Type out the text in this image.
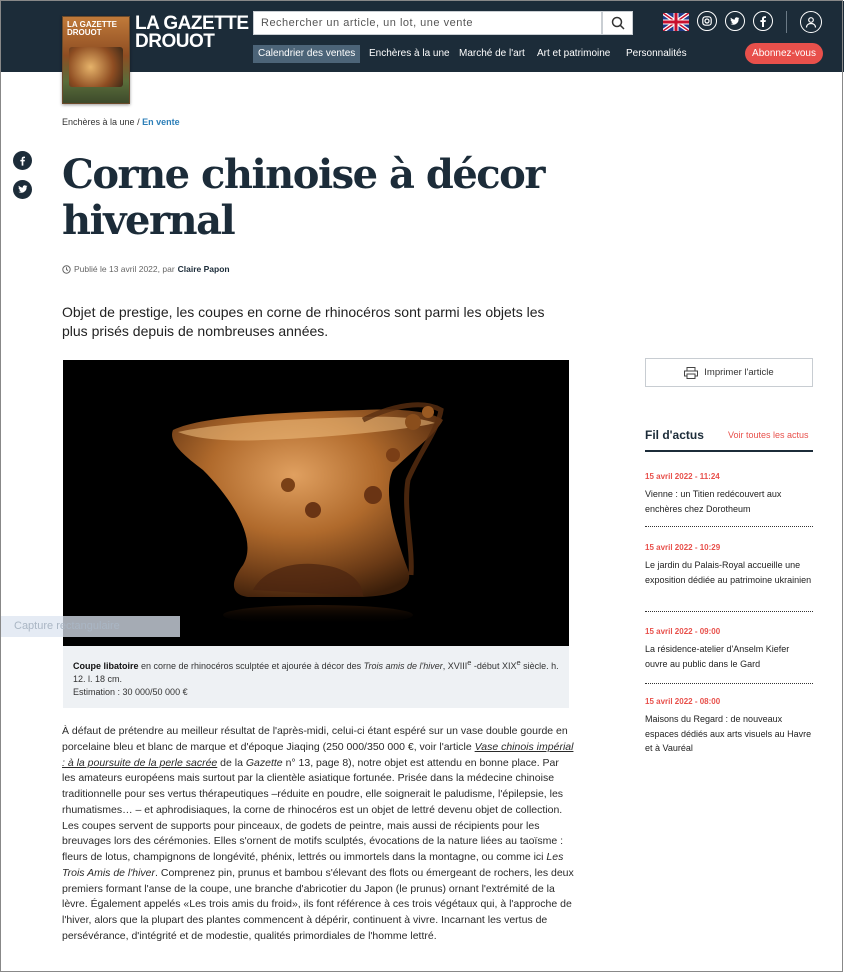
LA GAZETTE DROUOT	LA GAZETTE
DROUOT
Rechercher un article, un lot, une vente
Calendrier des ventes	Enchères à la une Marché de l'art Art et patrimoine Personnalités	Abonnez-vous
Enchères à la une / En vente
Corne chinoise à décor hivernal
Publié le 13 avril 2022, par Claire Papon
Objet de prestige, les coupes en corne de rhinocéros sont parmi les objets les plus prisés depuis de nombreuses années.
Coupe libatoire en corne de rhinocéros sculptée et ajourée à décor des Trois amis de l'hiver, XVIIIe -début XIXe siècle. h. 12. l. 18 cm.
Estimation : 30 000/50 000 €
Capture rectangulaire
À défaut de prétendre au meilleur résultat de l'après-midi, celui-ci étant espéré sur un vase double gourde en porcelaine bleu et blanc de marque et d'époque Jiaqing (250 000/350 000 €, voir l'article Vase chinois impérial : à la poursuite de la perle sacrée de la Gazette n° 13, page 8), notre objet est attendu en bonne place. Par les amateurs européens mais surtout par la clientèle asiatique fortunée. Prisée dans la médecine chinoise traditionnelle pour ses vertus thérapeutiques –réduite en poudre, elle soignerait le paludisme, l'épilepsie, les rhumatismes… – et aphrodisiaques, la corne de rhinocéros est un objet de lettré devenu objet de collection. Les coupes servent de supports pour pinceaux, de godets de peintre, mais aussi de récipients pour les breuvages lors des cérémonies. Elles s'ornent de motifs sculptés, évocations de la nature liées au taoïsme : fleurs de lotus, champignons de longévité, phénix, lettrés ou immortels dans la montagne, ou comme ici Les Trois Amis de l'hiver. Comprenez pin, prunus et bambou s'élevant des flots ou émergeant de rochers, les deux premiers formant l'anse de la coupe, une branche d'abricotier du Japon (le prunus) ornant l'extrémité de la lèvre. Également appelés «Les trois amis du froid», ils font référence à ces trois végétaux qui, à l'approche de l'hiver, alors que la plupart des plantes commencent à dépérir, continuent à vivre. Incarnant les vertus de persévérance, d'intégrité et de modestie, qualités primordiales de l'homme lettré.
Imprimer l'article
Fil d'actus	Voir toutes les actus
15 avril 2022 - 11:24
Vienne : un Titien redécouvert aux enchères chez Dorotheum
15 avril 2022 - 10:29
Le jardin du Palais-Royal accueille une exposition dédiée au patrimoine ukrainien
15 avril 2022 - 09:00
La résidence-atelier d'Anselm Kiefer ouvre au public dans le Gard
15 avril 2022 - 08:00
Maisons du Regard : de nouveaux espaces dédiés aux arts visuels au Havre et à Vauréal
